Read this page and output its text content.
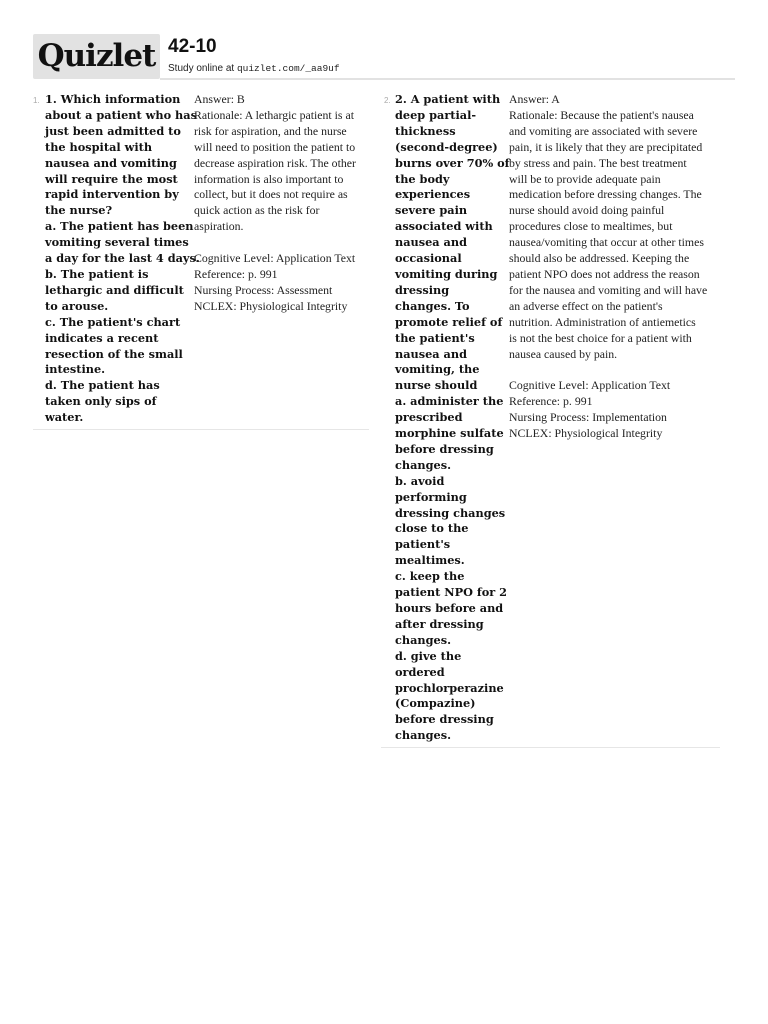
Quizlet 42-10
Study online at quizlet.com/_aa9uf
1. 1. Which information
about a patient who has
just been admitted to
the hospital with
nausea and vomiting
will require the most
rapid intervention by
the nurse?
a. The patient has been
vomiting several times
a day for the last 4 days.
b. The patient is
lethargic and difficult
to arouse.
c. The patient's chart
indicates a recent
resection of the small
intestine.
d. The patient has
taken only sips of
water.
Answer: B
Rationale: A lethargic patient is at
risk for aspiration, and the nurse
will need to position the patient to
decrease aspiration risk. The other
information is also important to
collect, but it does not require as
quick action as the risk for
aspiration.

Cognitive Level: Application Text
Reference: p. 991
Nursing Process: Assessment
NCLEX: Physiological Integrity
2. 2. A patient with
deep partial-
thickness
(second-degree)
burns over 70% of
the body
experiences
severe pain
associated with
nausea and
occasional
vomiting during
dressing
changes. To
promote relief of
the patient's
nausea and
vomiting, the
nurse should
a. administer the
prescribed
morphine sulfate
before dressing
changes.
b. avoid
performing
dressing changes
close to the
patient's
mealtimes.
c. keep the
patient NPO for 2
hours before and
after dressing
changes.
d. give the
ordered
prochlorperazine
(Compazine)
before dressing
changes.
Answer: A
Rationale: Because the patient's nausea
and vomiting are associated with severe
pain, it is likely that they are precipitated
by stress and pain. The best treatment
will be to provide adequate pain
medication before dressing changes. The
nurse should avoid doing painful
procedures close to mealtimes, but
nausea/vomiting that occur at other times
should also be addressed. Keeping the
patient NPO does not address the reason
for the nausea and vomiting and will have
an adverse effect on the patient's
nutrition. Administration of antiemetics
is not the best choice for a patient with
nausea caused by pain.

Cognitive Level: Application Text
Reference: p. 991
Nursing Process: Implementation
NCLEX: Physiological Integrity
